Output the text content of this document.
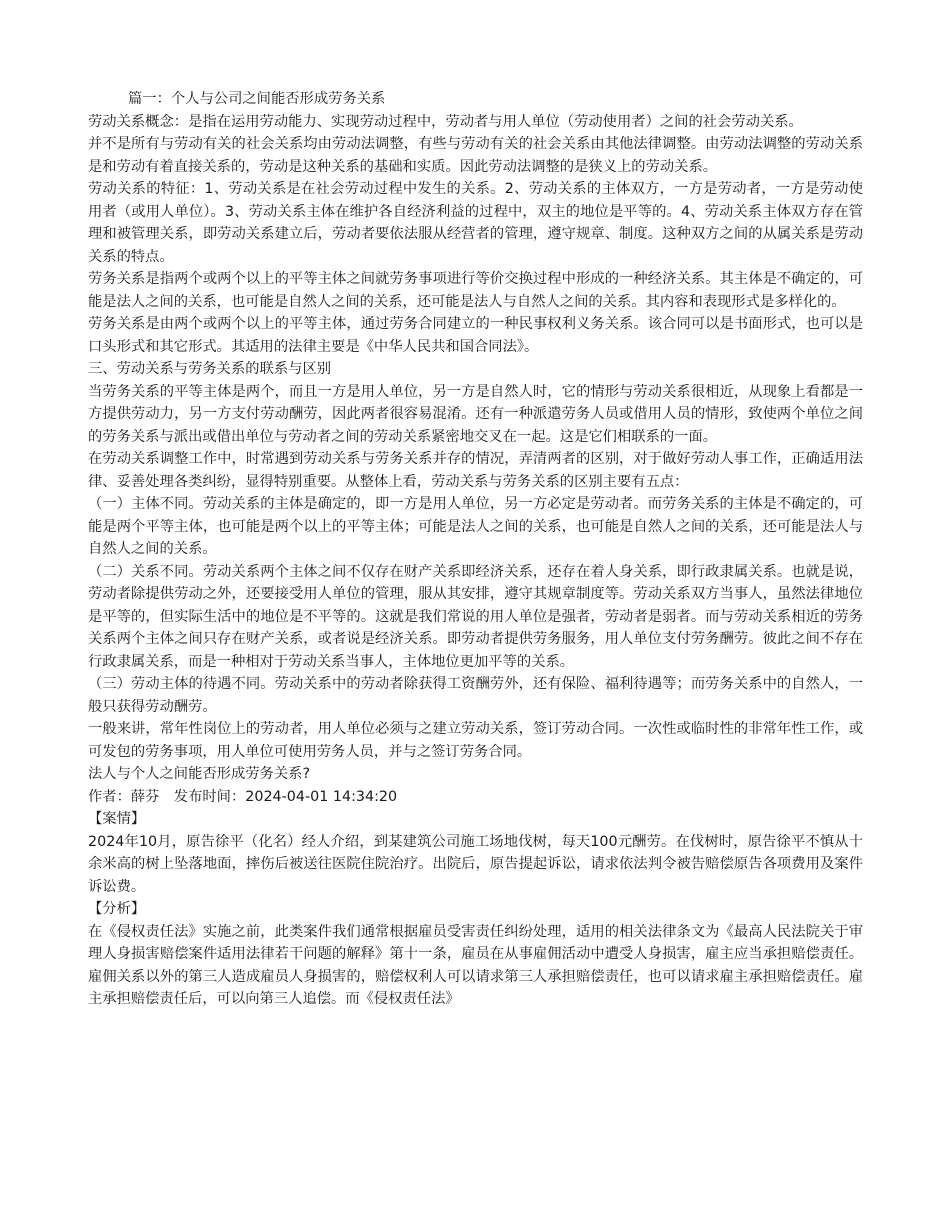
篇一：个人与公司之间能否形成劳务关系

劳动关系概念：是指在运用劳动能力、实现劳动过程中，劳动者与用人单位（劳动使用者）之间的社会劳动关系。

并不是所有与劳动有关的社会关系均由劳动法调整，有些与劳动有关的社会关系由其他法律调整。由劳动法调整的劳动关系是和劳动有着直接关系的，劳动是这种关系的基础和实质。因此劳动法调整的是狭义上的劳动关系。

劳动关系的特征：1、劳动关系是在社会劳动过程中发生的关系。2、劳动关系的主体双方，一方是劳动者，一方是劳动使用者（或用人单位）。3、劳动关系主体在维护各自经济利益的过程中，双主的地位是平等的。4、劳动关系主体双方存在管理和被管理关系，即劳动关系建立后，劳动者要依法服从经营者的管理，遵守规章、制度。这种双方之间的从属关系是劳动关系的特点。

劳务关系是指两个或两个以上的平等主体之间就劳务事项进行等价交换过程中形成的一种经济关系。其主体是不确定的，可能是法人之间的关系，也可能是自然人之间的关系，还可能是法人与自然人之间的关系。其内容和表现形式是多样化的。

劳务关系是由两个或两个以上的平等主体，通过劳务合同建立的一种民事权利义务关系。该合同可以是书面形式，也可以是口头形式和其它形式。其适用的法律主要是《中华人民共和国合同法》。

三、劳动关系与劳务关系的联系与区别

当劳务关系的平等主体是两个，而且一方是用人单位，另一方是自然人时，它的情形与劳动关系很相近，从现象上看都是一方提供劳动力，另一方支付劳动酬劳，因此两者很容易混淆。还有一种派遣劳务人员或借用人员的情形，致使两个单位之间的劳务关系与派出或借出单位与劳动者之间的劳动关系紧密地交叉在一起。这是它们相联系的一面。

在劳动关系调整工作中，时常遇到劳动关系与劳务关系并存的情况，弄清两者的区别，对于做好劳动人事工作，正确适用法律、妥善处理各类纠纷，显得特别重要。从整体上看，劳动关系与劳务关系的区别主要有五点：

（一）主体不同。劳动关系的主体是确定的，即一方是用人单位，另一方必定是劳动者。而劳务关系的主体是不确定的，可能是两个平等主体，也可能是两个以上的平等主体；可能是法人之间的关系，也可能是自然人之间的关系，还可能是法人与自然人之间的关系。

（二）关系不同。劳动关系两个主体之间不仅存在财产关系即经济关系，还存在着人身关系，即行政隶属关系。也就是说，劳动者除提供劳动之外，还要接受用人单位的管理，服从其安排，遵守其规章制度等。劳动关系双方当事人，虽然法律地位是平等的，但实际生活中的地位是不平等的。这就是我们常说的用人单位是强者，劳动者是弱者。而与劳动关系相近的劳务关系两个主体之间只存在财产关系，或者说是经济关系。即劳动者提供劳务服务，用人单位支付劳务酬劳。彼此之间不存在行政隶属关系，而是一种相对于劳动关系当事人，主体地位更加平等的关系。

（三）劳动主体的待遇不同。劳动关系中的劳动者除获得工资酬劳外，还有保险、福利待遇等；而劳务关系中的自然人，一般只获得劳动酬劳。

一般来讲，常年性岗位上的劳动者，用人单位必须与之建立劳动关系，签订劳动合同。一次性或临时性的非常年性工作，或可发包的劳务事项，用人单位可使用劳务人员，并与之签订劳务合同。

法人与个人之间能否形成劳务关系?

作者：薛芬　发布时间：2024-04-01 14:34:20

【案情】

2024年10月，原告徐平（化名）经人介绍，到某建筑公司施工场地伐树，每天100元酬劳。在伐树时，原告徐平不慎从十余米高的树上坠落地面，摔伤后被送往医院住院治疗。出院后，原告提起诉讼，请求依法判令被告赔偿原告各项费用及案件诉讼费。

【分析】

在《侵权责任法》实施之前，此类案件我们通常根据雇员受害责任纠纷处理，适用的相关法律条文为《最高人民法院关于审理人身损害赔偿案件适用法律若干问题的解释》第十一条，雇员在从事雇佣活动中遭受人身损害，雇主应当承担赔偿责任。雇佣关系以外的第三人造成雇员人身损害的，赔偿权利人可以请求第三人承担赔偿责任，也可以请求雇主承担赔偿责任。雇主承担赔偿责任后，可以向第三人追偿。而《侵权责任法》
